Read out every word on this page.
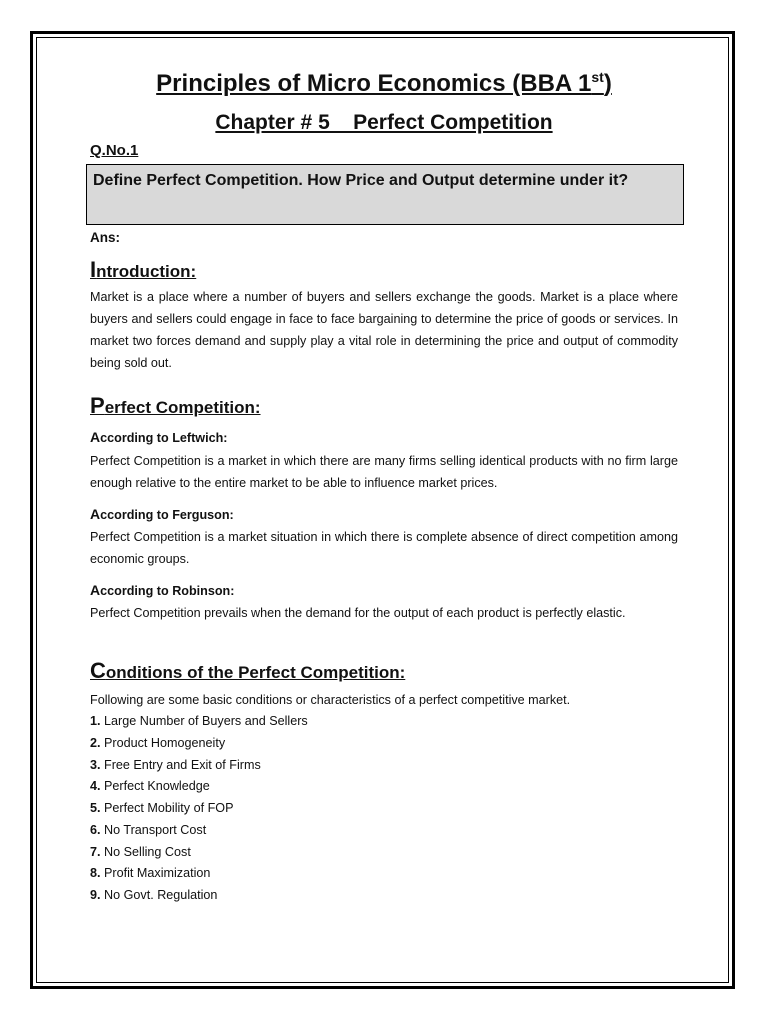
Principles of Micro Economics (BBA 1st)
Chapter # 5    Perfect Competition
Q.No.1
Define Perfect Competition. How Price and Output determine under it?
Ans:
Introduction:
Market is a place where a number of buyers and sellers exchange the goods. Market is a place where buyers and sellers could engage in face to face bargaining to determine the price of goods or services. In market two forces demand and supply play a vital role in determining the price and output of commodity being sold out.
Perfect Competition:
According to Leftwich:
Perfect Competition is a market in which there are many firms selling identical products with no firm large enough relative to the entire market to be able to influence market prices.
According to Ferguson:
Perfect Competition is a market situation in which there is complete absence of direct competition among economic groups.
According to Robinson:
Perfect Competition prevails when the demand for the output of each product is perfectly elastic.
Conditions of the Perfect Competition:
Following are some basic conditions or characteristics of a perfect competitive market.
1. Large Number of Buyers and Sellers
2. Product Homogeneity
3. Free Entry and Exit of Firms
4. Perfect Knowledge
5. Perfect Mobility of FOP
6. No Transport Cost
7. No Selling Cost
8. Profit Maximization
9. No Govt. Regulation
